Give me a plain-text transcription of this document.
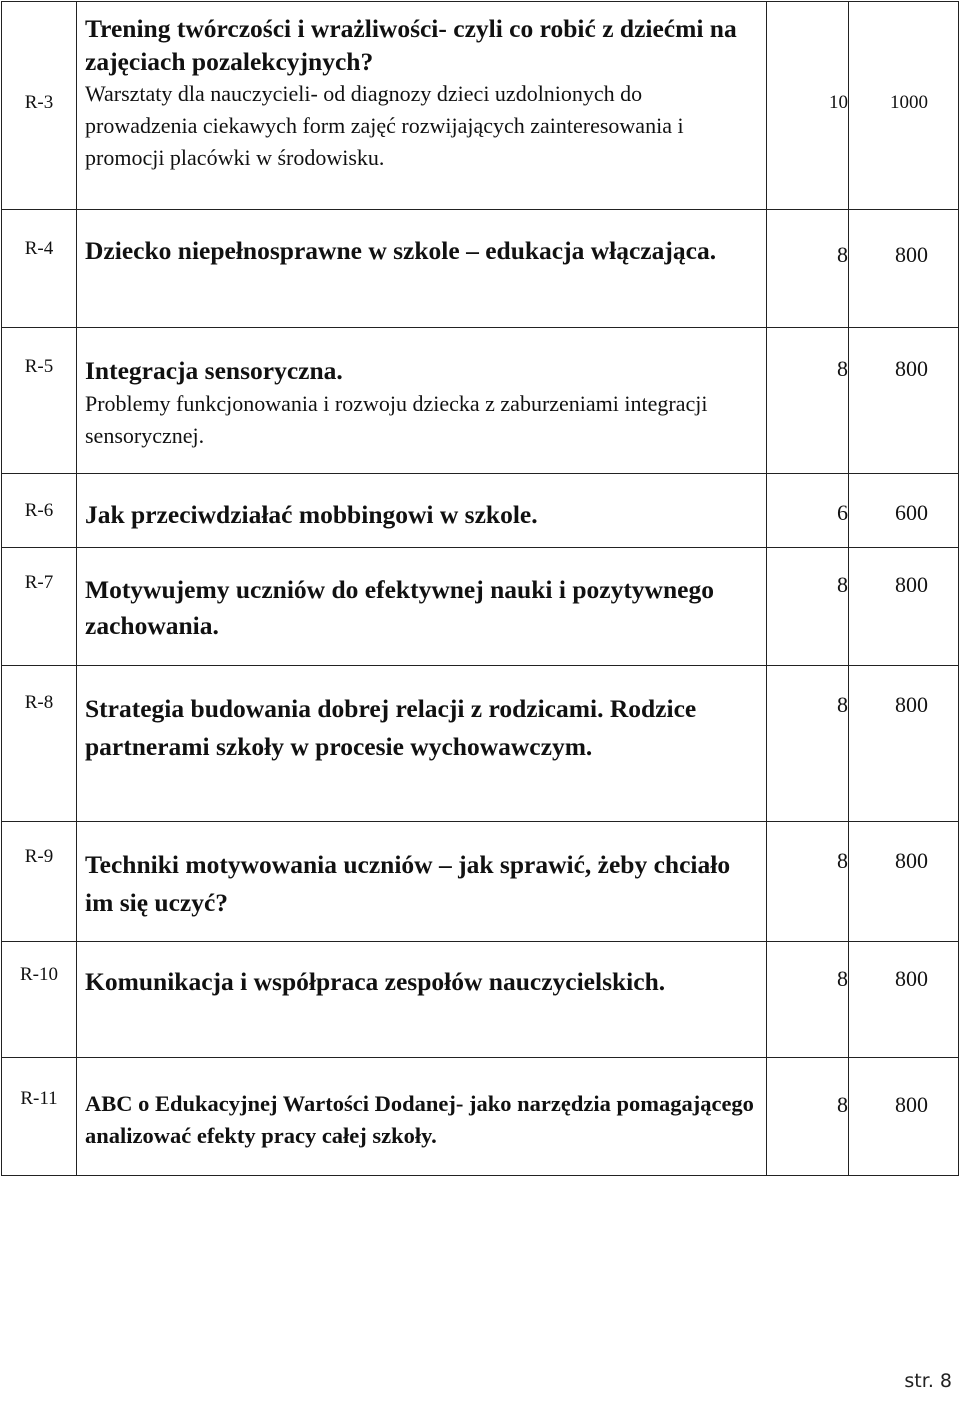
R-3	Trening twórczości i wrażliwości- czyli co robić z dziećmi na zajęciach pozalekcyjnych?
Warsztaty dla nauczycieli- od diagnozy dzieci uzdolnionych do prowadzenia ciekawych form zajęć rozwijających zainteresowania i promocji placówki w środowisku.	10	1000

R-4	Dziecko niepełnosprawne w szkole – edukacja włączająca.	8	800

R-5	Integracja sensoryczna.
Problemy funkcjonowania i rozwoju dziecka z zaburzeniami integracji sensorycznej.	8	800

R-6	Jak przeciwdziałać mobbingowi w szkole.	6	600

R-7	Motywujemy uczniów do efektywnej nauki i pozytywnego zachowania.	8	800

R-8	Strategia budowania dobrej relacji z rodzicami. Rodzice partnerami szkoły w procesie wychowawczym.	8	800

R-9	Techniki motywowania uczniów – jak sprawić, żeby chciało im się uczyć?	8	800

R-10	Komunikacja i współpraca zespołów nauczycielskich.	8	800

R-11	ABC o Edukacyjnej Wartości Dodanej- jako narzędzia pomagającego analizować efekty pracy całej szkoły.	8	800
str. 8
